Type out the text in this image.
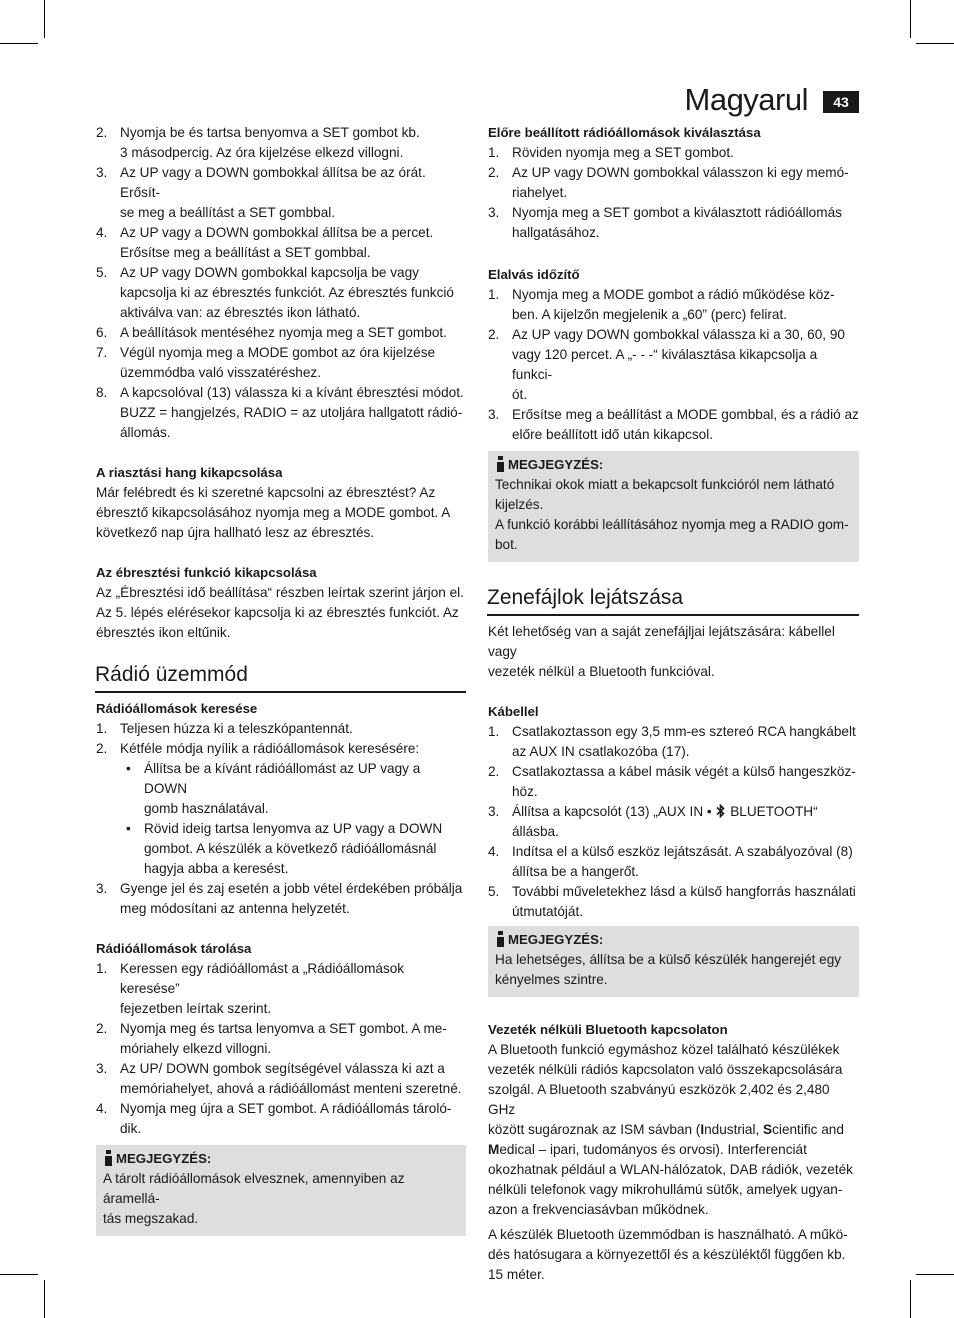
Magyarul	43
2. Nyomja be és tartsa benyomva a SET gombot kb.
3 másodpercig. Az óra kijelzése elkezd villogni.
3. Az UP vagy a DOWN gombokkal állítsa be az órát. Erősít-
se meg a beállítást a SET gombbal.
4. Az UP vagy a DOWN gombokkal állítsa be a percet.
Erősítse meg a beállítást a SET gombbal.
5. Az UP vagy DOWN gombokkal kapcsolja be vagy
kapcsolja ki az ébresztés funkciót. Az ébresztés funkció
aktiválva van: az ébresztés ikon látható.
6. A beállítások mentéséhez nyomja meg a SET gombot.
7. Végül nyomja meg a MODE gombot az óra kijelzése
üzemmódba való visszatéréshez.
8. A kapcsolóval (13) válassza ki a kívánt ébresztési módot.
BUZZ = hangjelzés, RADIO = az utoljára hallgatott rádió-
állomás.

A riasztási hang kikapcsolása

Már felébredt és ki szeretné kapcsolni az ébresztést? Az
ébresztő kikapcsolásához nyomja meg a MODE gombot. A
következő nap újra hallható lesz az ébresztés.

Az ébresztési funkció kikapcsolása

Az „Ébresztési idő beállítása“ részben leírtak szerint járjon el.
Az 5. lépés elérésekor kapcsolja ki az ébresztés funkciót. Az
ébresztés ikon eltűnik.

Rádió üzemmód

Rádióállomások keresése

1. Teljesen húzza ki a teleszkópantennát.
2. Kétféle módja nyílik a rádióállomások keresésére:
• Állítsa be a kívánt rádióállomást az UP vagy a DOWN
gomb használatával.
• Rövid ideig tartsa lenyomva az UP vagy a DOWN
gombot. A készülék a következő rádióállomásnál
hagyja abba a keresést.
3. Gyenge jel és zaj esetén a jobb vétel érdekében próbálja
meg módosítani az antenna helyzetét.

Rádióállomások tárolása

1. Keressen egy rádióállomást a „Rádióállomások keresése”
fejezetben leírtak szerint.
2. Nyomja meg és tartsa lenyomva a SET gombot. A me-
móriahely elkezd villogni.
3. Az UP/ DOWN gombok segítségével válassza ki azt a
memóriahelyet, ahová a rádióállomást menteni szeretné.
4. Nyomja meg újra a SET gombot. A rádióállomás tároló-
dik.
MEGJEGYZÉS:

A tárolt rádióállomások elvesznek, amennyiben az áramellá-
tás megszakad.

Előre beállított rádióállomások kiválasztása

1. Röviden nyomja meg a SET gombot.
2. Az UP vagy DOWN gombokkal válasszon ki egy memó-
riahelyet.
3. Nyomja meg a SET gombot a kiválasztott rádióállomás
hallgatásához.

Elalvás időzítő

1. Nyomja meg a MODE gombot a rádió működése köz-
ben. A kijelzőn megjelenik a „60” (perc) felirat.
2. Az UP vagy DOWN gombokkal válassza ki a 30, 60, 90
vagy 120 percet. A „- - -“ kiválasztása kikapcsolja a funkci-
ót.
3. Erősítse meg a beállítást a MODE gombbal, és a rádió az
előre beállított idő után kikapcsol.
MEGJEGYZÉS:

Technikai okok miatt a bekapcsolt funkcióról nem látható
kijelzés.
A funkció korábbi leállításához nyomja meg a RADIO gom-
bot.

Zenefájlok lejátszása

Két lehetőség van a saját zenefájljai lejátszására: kábellel vagy
vezeték nélkül a Bluetooth funkcióval.

Kábellel

1. Csatlakoztasson egy 3,5 mm-es sztereó RCA hangkábelt
az AUX IN csatlakozóba (17).
2. Csatlakoztassa a kábel másik végét a külső hangeszköz-
höz.
3. Állítsa a kapcsolót (13) „AUX IN • BLUETOOTH“
állásba.
4. Indítsa el a külső eszköz lejátszását. A szabályozóval (8)
állítsa be a hangerőt.
5. További műveletekhez lásd a külső hangforrás használati
útmutatóját.
MEGJEGYZÉS:

Ha lehetséges, állítsa be a külső készülék hangerejét egy
kényelmes szintre.

Vezeték nélküli Bluetooth kapcsolaton

A Bluetooth funkció egymáshoz közel található készülékek
vezeték nélküli rádiós kapcsolaton való összekapcsolására
szolgál. A Bluetooth szabványú eszközök 2,402 és 2,480 GHz
között sugároznak az ISM sávban (Industrial, Scientific and
Medical – ipari, tudományos és orvosi). Interferenciát
okozhatnak például a WLAN-hálózatok, DAB rádiók, vezeték
nélküli telefonok vagy mikrohullámú sütők, amelyek ugyan-
azon a frekvenciasávban működnek.

A készülék Bluetooth üzemmódban is használható. A műkö-
dés hatósugara a környezettől és a készüléktől függően kb.
15 méter.
